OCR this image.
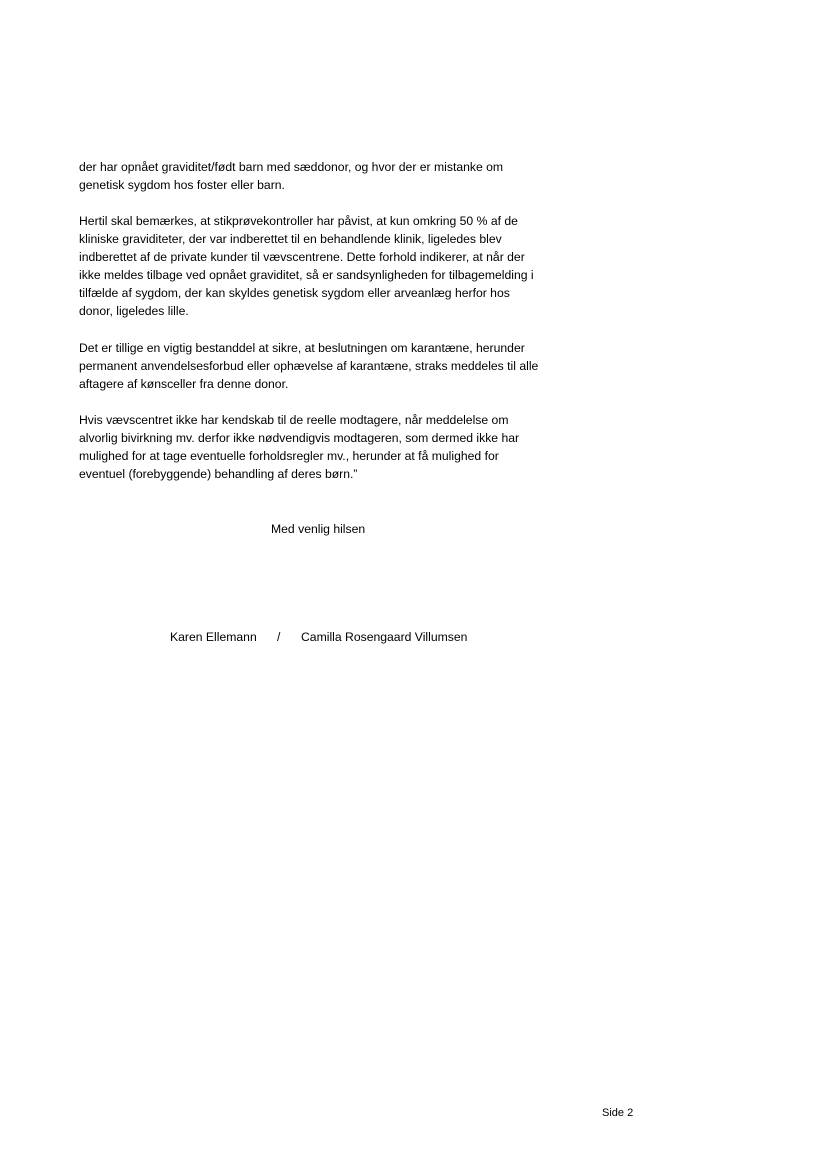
der har opnået graviditet/født barn med sæddonor, og hvor der er mistanke om
genetisk sygdom hos foster eller barn.
Hertil skal bemærkes, at stikprøvekontroller har påvist, at kun omkring 50 % af de
kliniske graviditeter, der var indberettet til en behandlende klinik, ligeledes blev
indberettet af de private kunder til vævscentrene. Dette forhold indikerer, at når der
ikke meldes tilbage ved opnået graviditet, så er sandsynligheden for tilbagemelding i
tilfælde af sygdom, der kan skyldes genetisk sygdom eller arveanlæg herfor hos
donor, ligeledes lille.
Det er tillige en vigtig bestanddel at sikre, at beslutningen om karantæne, herunder
permanent anvendelsesforbud eller ophævelse af karantæne, straks meddeles til alle
aftagere af kønsceller fra denne donor.
Hvis vævscentret ikke har kendskab til de reelle modtagere, når meddelelse om
alvorlig bivirkning mv. derfor ikke nødvendigvis modtageren, som dermed ikke har
mulighed for at tage eventuelle forholdsregler mv., herunder at få mulighed for
eventuel (forebyggende) behandling af deres børn.”
Med venlig hilsen
Karen Ellemann / Camilla Rosengaard Villumsen
Side 2
